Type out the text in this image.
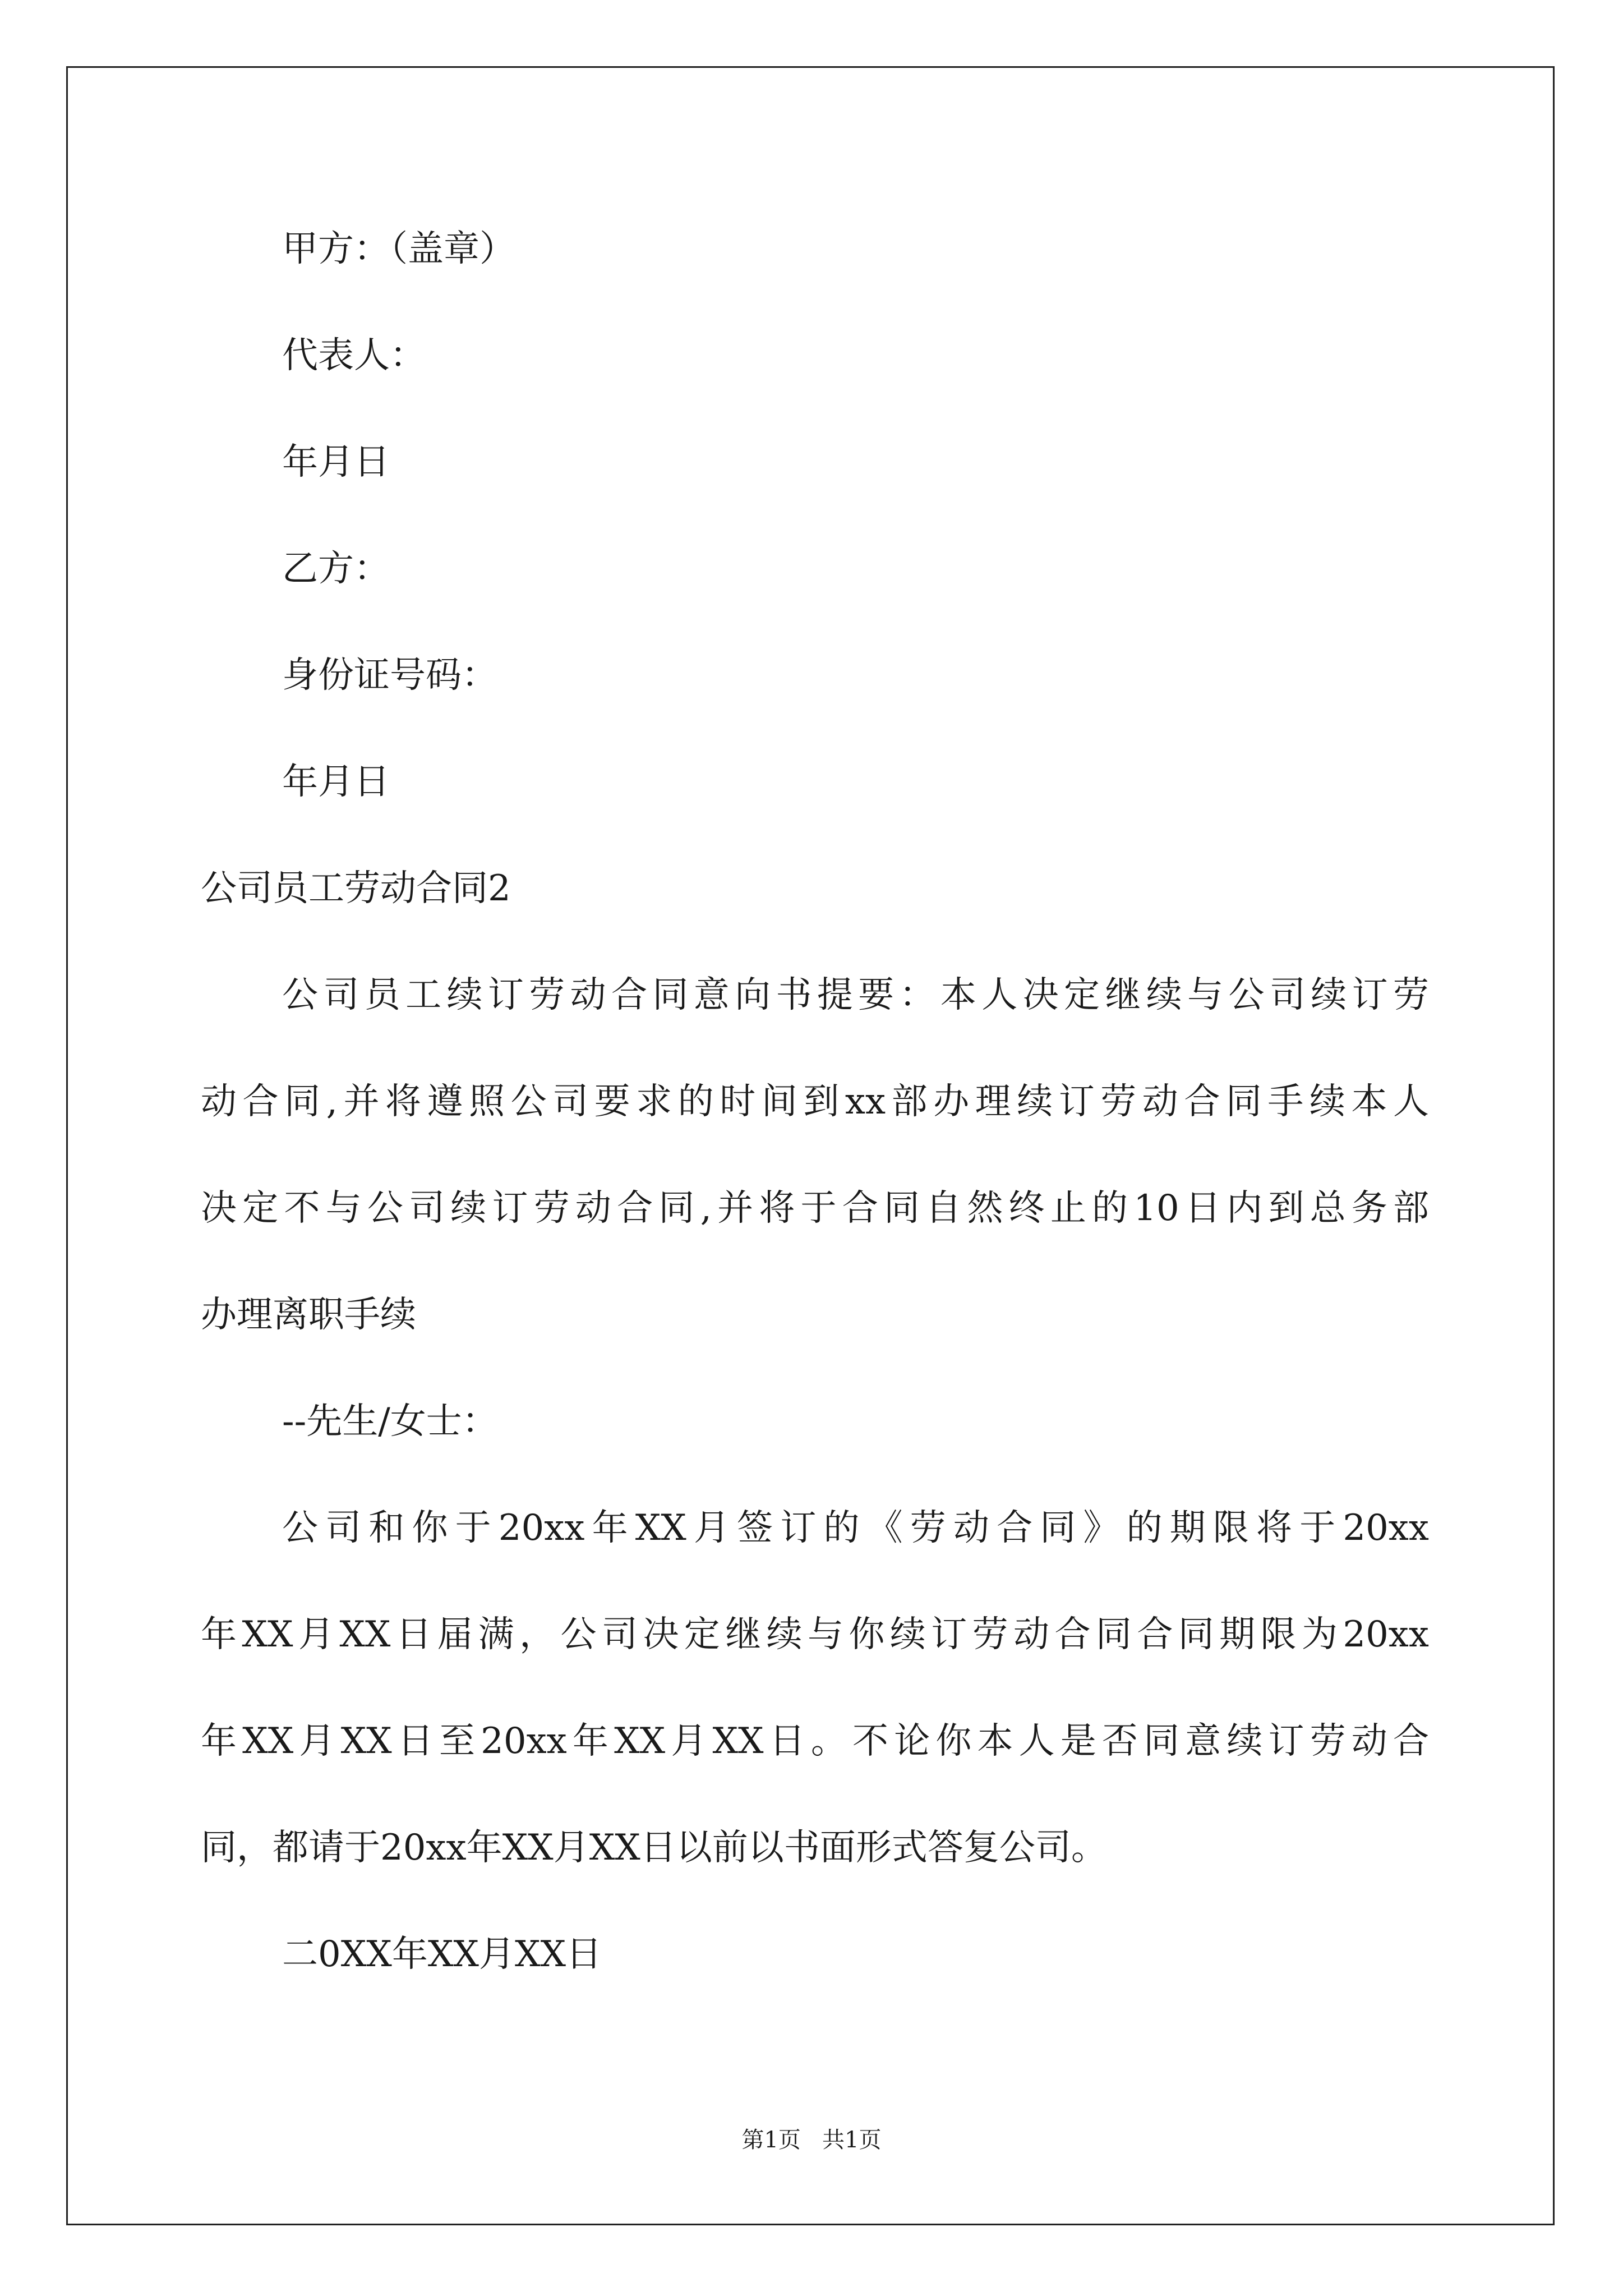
甲方：（盖章）
代表人：
年月日
乙方：
身份证号码：
年月日
公司员工劳动合同2
公司员工续订劳动合同意向书提要：本人决定继续与公司续订劳
动合同,并将遵照公司要求的时间到xx部办理续订劳动合同手续本人
决定不与公司续订劳动合同,并将于合同自然终止的10日内到总务部
办理离职手续
--先生/女士：
公司和你于20xx年XX月签订的《劳动合同》的期限将于20xx
年XX月XX日届满，公司决定继续与你续订劳动合同合同期限为20xx
年XX月XX日至20xx年XX月XX日。不论你本人是否同意续订劳动合
同，都请于20xx年XX月XX日以前以书面形式答复公司。
二0XX年XX月XX日
第1页   共1页
